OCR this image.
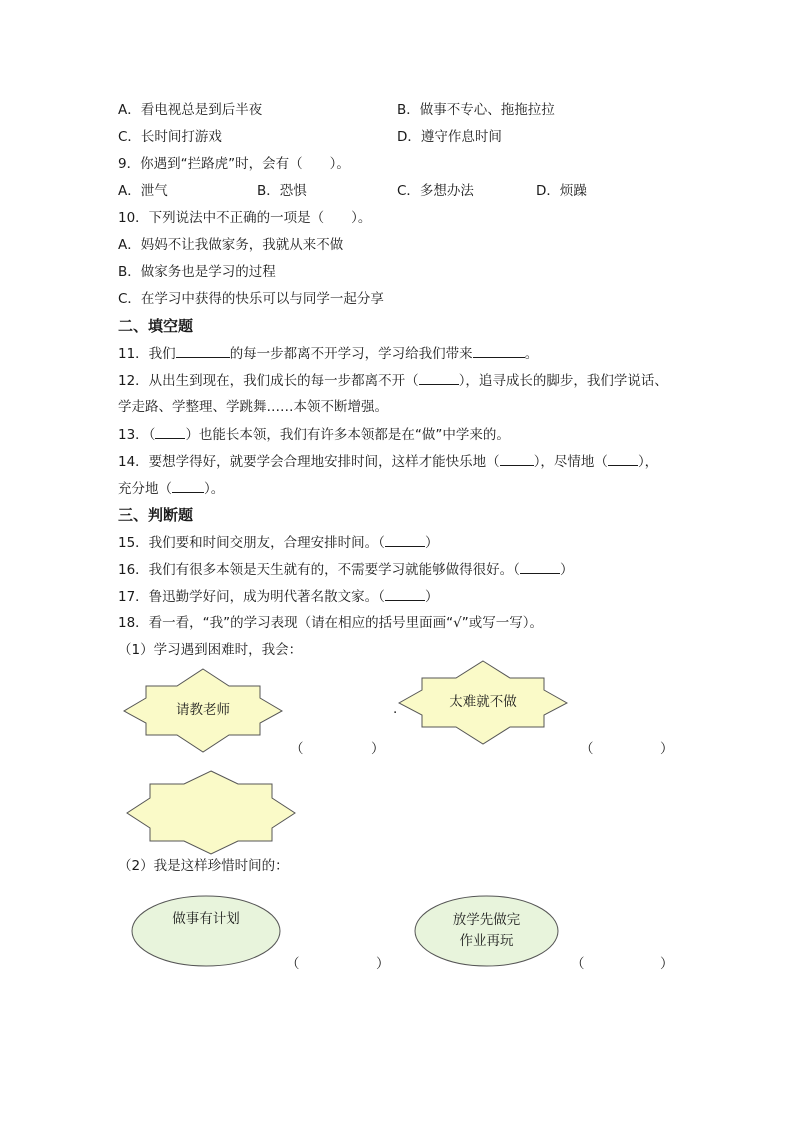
A．看电视总是到后半夜	B．做事不专心、拖拖拉拉
C．长时间打游戏	D．遵守作息时间
9．你遇到“拦路虎”时，会有（　　）。
A．泄气	B．恐惧	C．多想办法	D．烦躁
10．下列说法中不正确的一项是（　　）。
A．妈妈不让我做家务，我就从来不做
B．做家务也是学习的过程
C．在学习中获得的快乐可以与同学一起分享
二、填空题
11．我们	的每一步都离不开学习，学习给我们带来	。
12．从出生到现在，我们成长的每一步都离不开（	），追寻成长的脚步，我们学说话、
学走路、学整理、学跳舞……本领不断增强。
13．（ ）也能长本领，我们有许多本领都是在“做”中学来的。
14．要想学得好，就要学会合理地安排时间，这样才能快乐地（	），尽情地（ ），
充分地（ ）。
三、判断题
15．我们要和时间交朋友，合理安排时间。（	）
16．我们有很多本领是天生就有的，不需要学习就能够做得很好。（	）
17．鲁迅勤学好问，成为明代著名散文家。（	）
18．看一看，“我”的学习表现（请在相应的括号里面画“√”或写一写）。
（1）学习遇到困难时，我会：
请教老师
（	）
.	太难就不做
（	）
（2）我是这样珍惜时间的：
做事有计划
（	）
放学先做完
作业再玩
（	）
